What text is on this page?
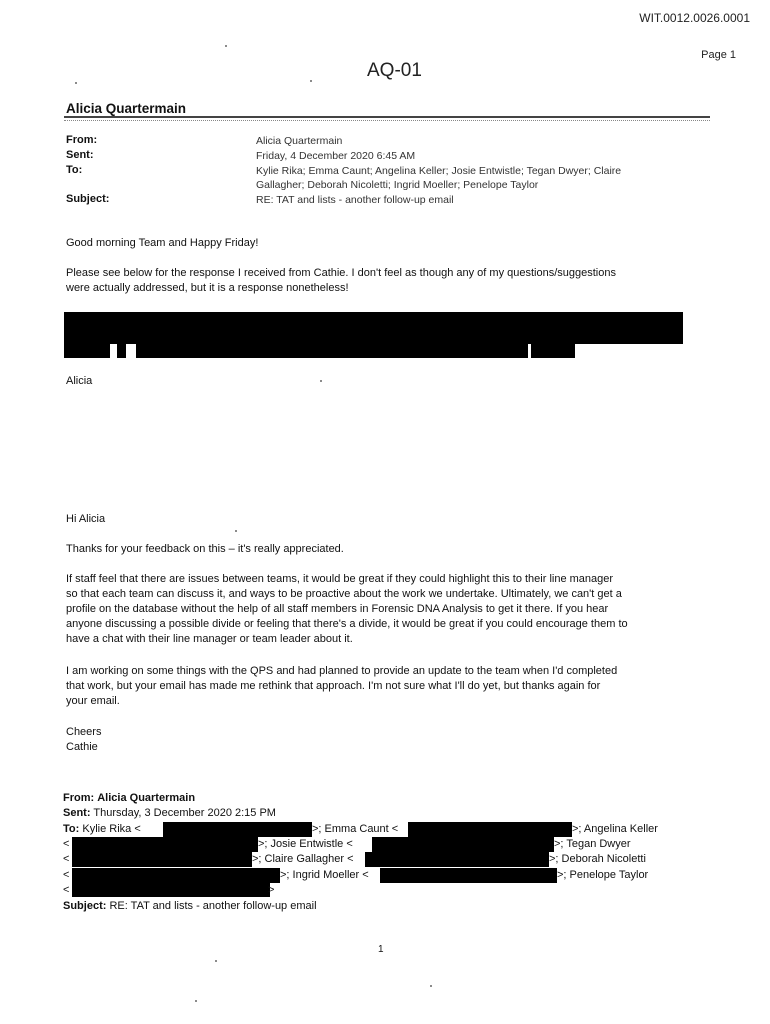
WIT.0012.0026.0001
Page 1
AQ-01
Alicia Quartermain
From:	Alicia Quartermain
Sent:	Friday, 4 December 2020 6:45 AM
To:	Kylie Rika; Emma Caunt; Angelina Keller; Josie Entwistle; Tegan Dwyer; Claire
Gallagher; Deborah Nicoletti; Ingrid Moeller; Penelope Taylor
Subject:	RE: TAT and lists - another follow-up email
Good morning Team and Happy Friday!
Please see below for the response I received from Cathie. I don't feel as though any of my questions/suggestions
were actually addressed, but it is a response nonetheless!
Alicia
Hi Alicia
Thanks for your feedback on this – it's really appreciated.
If staff feel that there are issues between teams, it would be great if they could highlight this to their line manager
so that each team can discuss it, and ways to be proactive about the work we undertake. Ultimately, we can't get a
profile on the database without the help of all staff members in Forensic DNA Analysis to get it there. If you hear
anyone discussing a possible divide or feeling that there's a divide, it would be great if you could encourage them to
have a chat with their line manager or team leader about it.
I am working on some things with the QPS and had planned to provide an update to the team when I'd completed
that work, but your email has made me rethink that approach. I'm not sure what I'll do yet, but thanks again for
your email.
Cheers
Cathie
From: Alicia Quartermain
Sent: Thursday, 3 December 2020 2:15 PM
To: Kylie Rika <	>; Emma Caunt <	>; Angelina Keller
<	>; Josie Entwistle <	>; Tegan Dwyer
<	>; Claire Gallagher <	>; Deborah Nicoletti
<	>; Ingrid Moeller <	>; Penelope Taylor
<	>
Subject: RE: TAT and lists - another follow-up email
1
